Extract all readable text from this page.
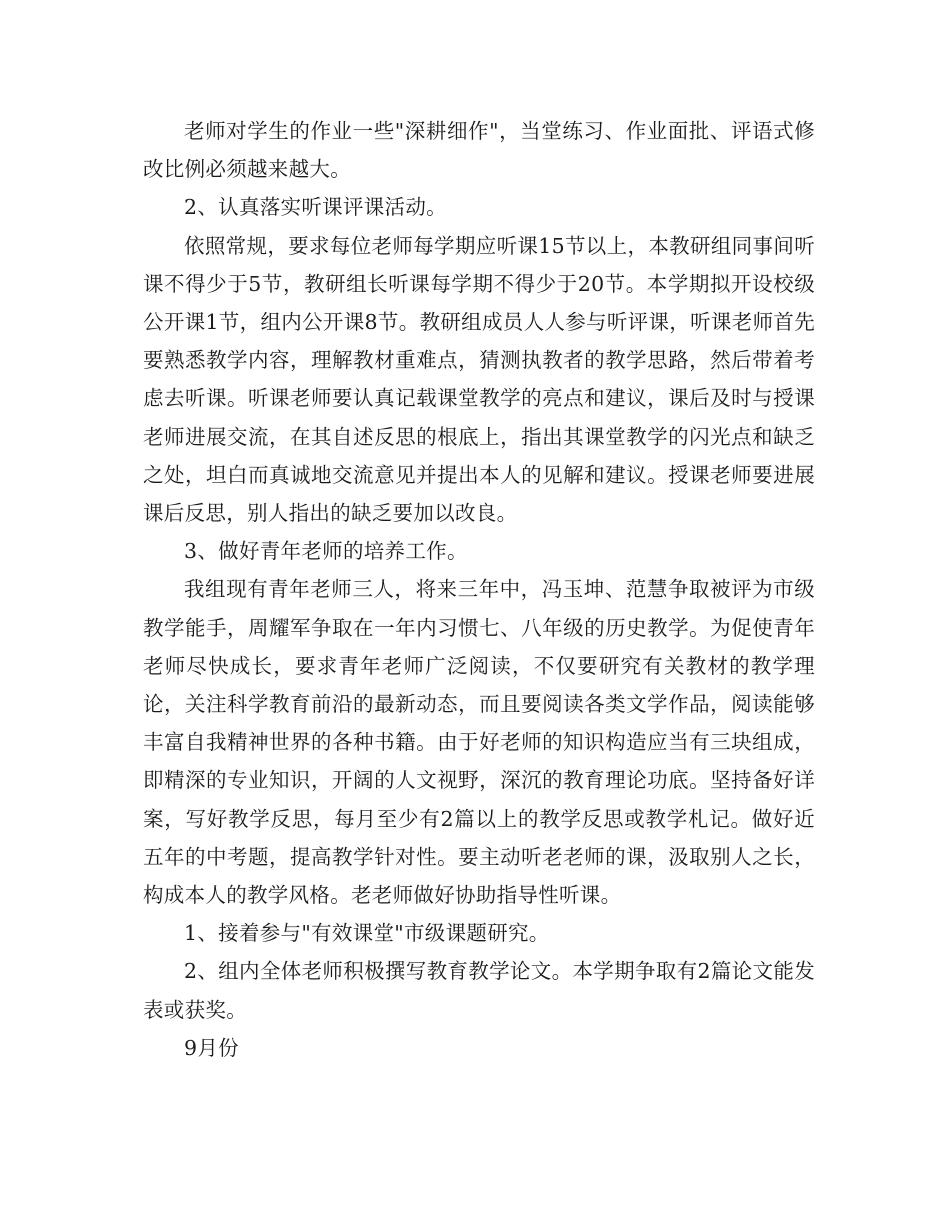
老师对学生的作业一些"深耕细作"，当堂练习、作业面批、评语式修改比例必须越来越大。

2、认真落实听课评课活动。

依照常规，要求每位老师每学期应听课15节以上，本教研组同事间听课不得少于5节，教研组长听课每学期不得少于20节。本学期拟开设校级公开课1节，组内公开课8节。教研组成员人人参与听评课，听课老师首先要熟悉教学内容，理解教材重难点，猜测执教者的教学思路，然后带着考虑去听课。听课老师要认真记载课堂教学的亮点和建议，课后及时与授课老师进展交流，在其自述反思的根底上，指出其课堂教学的闪光点和缺乏之处，坦白而真诚地交流意见并提出本人的见解和建议。授课老师要进展课后反思，别人指出的缺乏要加以改良。

3、做好青年老师的培养工作。

我组现有青年老师三人，将来三年中，冯玉坤、范慧争取被评为市级教学能手，周耀军争取在一年内习惯七、八年级的历史教学。为促使青年老师尽快成长，要求青年老师广泛阅读，不仅要研究有关教材的教学理论，关注科学教育前沿的最新动态，而且要阅读各类文学作品，阅读能够丰富自我精神世界的各种书籍。由于好老师的知识构造应当有三块组成，即精深的专业知识，开阔的人文视野，深沉的教育理论功底。坚持备好详案，写好教学反思，每月至少有2篇以上的教学反思或教学札记。做好近五年的中考题，提高教学针对性。要主动听老老师的课，汲取别人之长，构成本人的教学风格。老老师做好协助指导性听课。

1、接着参与"有效课堂"市级课题研究。

2、组内全体老师积极撰写教育教学论文。本学期争取有2篇论文能发表或获奖。

9月份
